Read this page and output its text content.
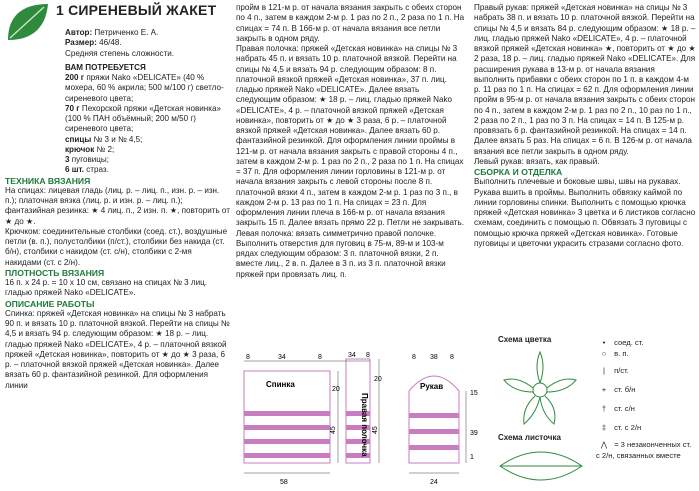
1 СИРЕНЕВЫЙ ЖАКЕТ

Автор: Петриченко Е. А.

Размер: 46/48.

Средняя степень сложности.

ВАМ ПОТРЕБУЕТСЯ

200 г пряжи Nako «DELICATE» (40 % мохера, 60 % акрила; 500 м/100 г) светло-сиреневого цвета;

70 г Пехорской пряжи «Детская новинка» (100 % ПАН объёмный; 200 м/50 г) сиреневого цвета;

спицы № 3 и № 4,5;

крючок № 2;

3 пуговицы;

6 шт. страз.

ТЕХНИКА ВЯЗАНИЯ

На спицах: лицевая гладь (лиц. р. – лиц. п., изн. р. – изн. п.); платочная вязка (лиц. р. и изн. р. – лиц. п.); фантазийная резинка: ★ 4 лиц. п., 2 изн. п. ★, повторить от ★ до ★.
Крючком: соединительные столбики (соед. ст.), воздушные петли (в. п.), полустолбики (п/ст.), столбики без накида (ст. б/н), столбики с накидом (ст. с/н), столбики с 2-мя накидами (ст. с 2/н).

ПЛОТНОСТЬ ВЯЗАНИЯ

16 п. х 24 р. = 10 х 10 см, связано на спицах № 3 лиц. гладью пряжей Nako «DELICATE».

ОПИСАНИЕ РАБОТЫ

Спинка: пряжей «Детская новинка» на спицы № 3 набрать 90 п. и вязать 10 р. платочной вязкой. Перейти на спицы № 4,5 и вязать 94 р. следующим образом: ★ 18 р. – лиц. гладью пряжей Nako «DELICATE», 4 р. – платочной вязкой пряжей «Детская новинка», повторить от ★ до ★ 3 раза, 6 р. – платочной вязкой пряжей «Детская новинка». Далее вязать 60 р. фантазийной резинкой. Для оформления линии

пройм в 121-м р. от начала вязания закрыть с обеих сторон по 4 п., затем в каждом 2-м р. 1 раз по 2 п., 2 раза по 1 п. На спицах = 74 п. В 166-м р. от начала вязания все петли закрыть в одном ряду.
Правая полочка: пряжей «Детская новинка» на спицы № 3 набрать 45 п. и вязать 10 р. платочной вязкой. Перейти на спицы № 4,5 и вязать 94 р. следующим образом: 8 п. платочной вязкой пряжей «Детская новинка», 37 п. лиц. гладью пряжей Nako «DELICATE». Далее вязать следующим образом: ★ 18 р. – лиц. гладью пряжей Nako «DELICATE», 4 р. – платочной вязкой пряжей «Детская новинка», повторить от ★ до ★ 3 раза, 6 р. – платочной вязкой пряжей «Детская новинка». Далее вязать 60 р. фантазийной резинкой. Для оформления линии проймы в 121-м р. от начала вязания закрыть с правой стороны 4 п., затем в каждом 2-м р. 1 раз по 2 п., 2 раза по 1 п. На спицах = 37 п. Для оформления линии горловины в 121-м р. от начала вязания закрыть с левой стороны после 8 п. платочной вязки 4 п., затем в каждом 2-м р. 1 раз по 3 п., в каждом 2-м р. 13 раз по 1 п. На спицах = 23 п. Для оформления линии плеча в 166-м р. от начала вязания закрыть 15 п. Далее вязать прямо 22 р. Петли не закрывать.
Левая полочка: вязать симметрично правой полочке. Выполнить отверстия для пуговиц в 75-м, 89-м и 103-м рядах следующим образом: 3 п. платочной вязки, 2 п. вместе лиц., 2 в. п. Далее в 3 п. из 3 п. платочной вязки пряжей при провязать лиц. п.

Правый рукав: пряжей «Детская новинка» на спицы № 3 набрать 38 п. и вязать 10 р. платочной вязкой. Перейти на спицы № 4,5 и вязать 84 р. следующим образом: ★ 18 р. – лиц. гладью пряжей Nako «DELICATE», 4 р. – платочной вязкой пряжей «Детская новинка» ★, повторить от ★ до ★ 2 раза, 18 р. – лиц. гладью пряжей Nako «DELICATE». Для расширения рукава в 13-м р. от начала вязания выполнить прибавки с обеих сторон по 1 п. в каждом 4-м р. 11 раз по 1 п. На спицах = 62 п. Для оформления линии пройм в 95-м р. от начала вязания закрыть с обеих сторон по 4 п., затем в каждом 2-м р. 1 раз по 2 п., 10 раз по 1 п., 2 раза по 2 п., 1 раз по 3 п. На спицах = 14 п. В 125-м р. провязать 6 р. фантазийной резинкой. На спицах = 14 п. Далее вязать 5 раз. На спицах = 6 п. В 126-м р. от начала вязания все петли закрыть в одном ряду.
Левый рукав: вязать, как правый.

СБОРКА И ОТДЕЛКА

Выполнить плечевые и боковые швы, швы на рукавах. Рукава вшить в проймы. Выполнить обвязку каймой по линии горловины спинки. Выполнить с помощью крючка пряжей «Детская новинка» 3 цветка и 6 листиков согласно схемам, соединить с помощью п. Обвязать 3 пуговицы с помощью крючка пряжей «Детская новинка». Готовые пуговицы и цветочки украсить стразами согласно фото.

Спинка
Правая полочка
Рукав
8	34	8	34 8	8 38 8
20
45
20
45
15
39
1
58	24
Схема цветка
Схема листочка
• соед. ст.
○ в. п.
| п/ст.
+ ст. б/н
† ст. с/н
‡ ст. с 2/н
⋀ = 3 незаконченных ст. с 2/н, связанных вместе
